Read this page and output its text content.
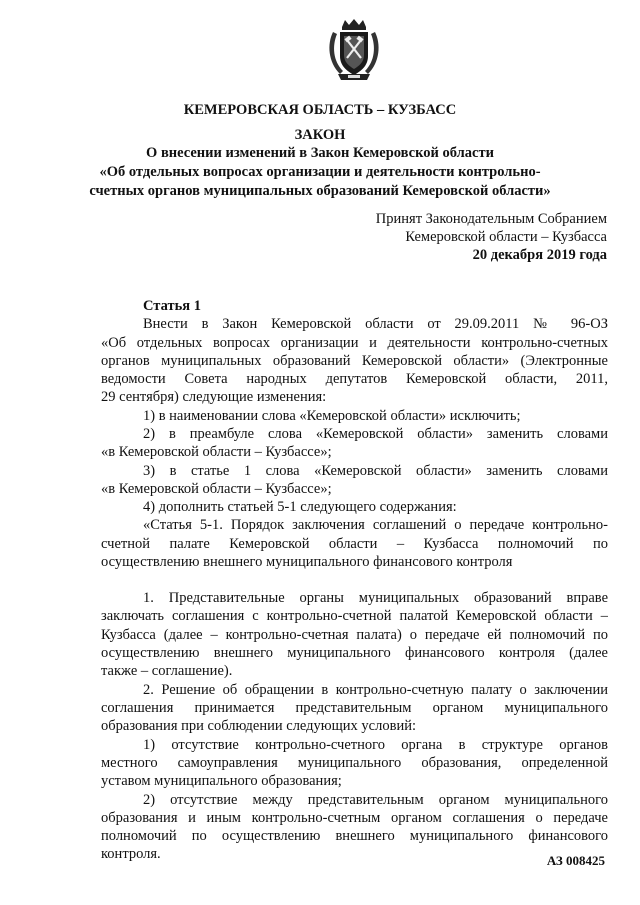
КЕМЕРОВСКАЯ ОБЛАСТЬ – КУЗБАСС
ЗАКОН
О внесении изменений в Закон Кемеровской области
«Об отдельных вопросах организации и деятельности контрольно-
счетных органов муниципальных образований Кемеровской области»
Принят Законодательным Собранием
Кемеровской области – Кузбасса
20 декабря 2019 года
Статья 1
Внести в Закон Кемеровской области от 29.09.2011 № 96-ОЗ
«Об отдельных вопросах организации и деятельности контрольно-счетных
органов муниципальных образований Кемеровской области» (Электронные
ведомости Совета народных депутатов Кемеровской области, 2011,
29 сентября) следующие изменения:
1) в наименовании слова «Кемеровской области» исключить;
2) в преамбуле слова «Кемеровской области» заменить словами
«в Кемеровской области – Кузбассе»;
3) в статье 1 слова «Кемеровской области» заменить словами
«в Кемеровской области – Кузбассе»;
4) дополнить статьей 5-1 следующего содержания:
«Статья 5-1. Порядок заключения соглашений о передаче контрольно-
счетной палате Кемеровской области – Кузбасса полномочий по
осуществлению внешнего муниципального финансового контроля
1. Представительные органы муниципальных образований вправе
заключать соглашения с контрольно-счетной палатой Кемеровской области –
Кузбасса (далее – контрольно-счетная палата) о передаче ей полномочий по
осуществлению внешнего муниципального финансового контроля (далее
также – соглашение).
2. Решение об обращении в контрольно-счетную палату о заключении
соглашения принимается представительным органом муниципального
образования при соблюдении следующих условий:
1) отсутствие контрольно-счетного органа в структуре органов
местного самоуправления муниципального образования, определенной
уставом муниципального образования;
2) отсутствие между представительным органом муниципального
образования и иным контрольно-счетным органом соглашения о передаче
полномочий по осуществлению внешнего муниципального финансового
контроля.	АЗ 008425
